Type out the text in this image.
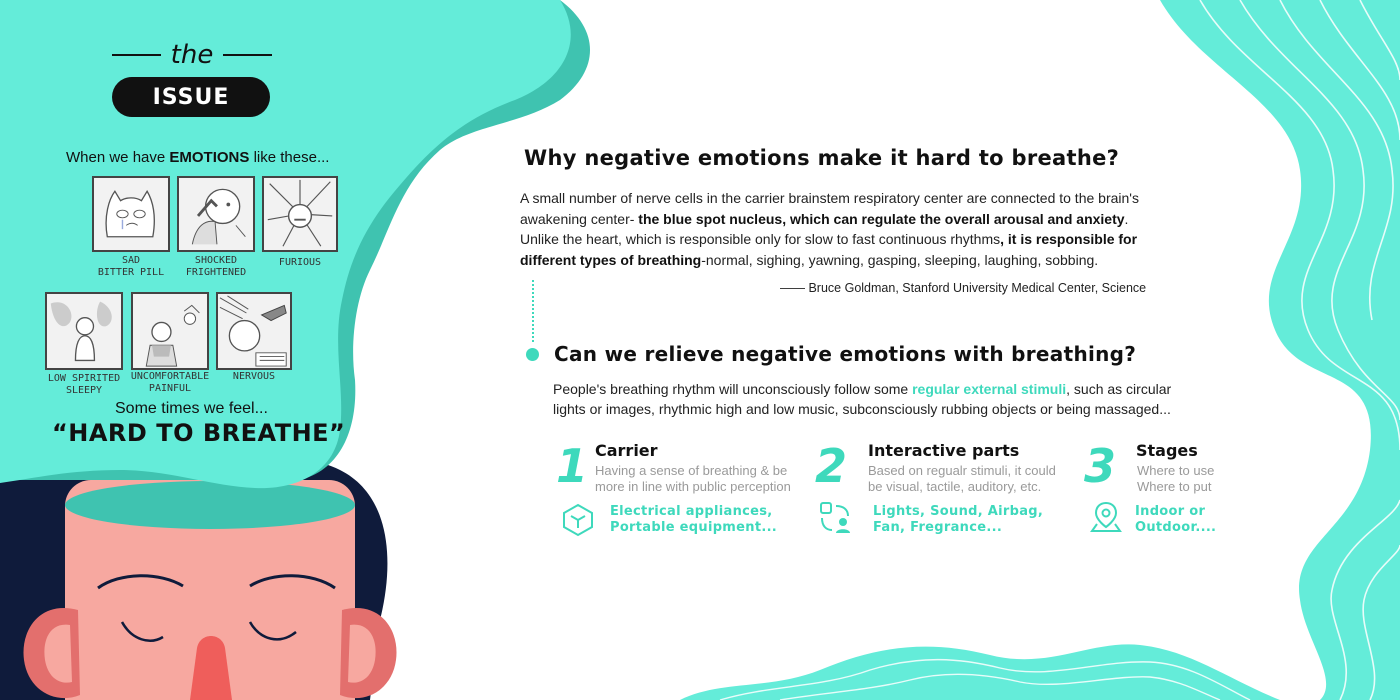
the
ISSUE
When we have EMOTIONS like these...
SAD
BITTER PILL
SHOCKED
FRIGHTENED
FURIOUS
LOW SPIRITED
SLEEPY
UNCOMFORTABLE
PAINFUL
NERVOUS
Some times we feel...
“HARD TO BREATHE”
Why negative emotions make it hard to breathe?
A small number of nerve cells in the carrier brainstem respiratory center are connected to the brain's awakening center- the blue spot nucleus, which can regulate the overall arousal and anxiety. Unlike the heart, which is responsible only for slow to fast continuous rhythms, it is responsible for different types of breathing-normal, sighing, yawning, gasping, sleeping, laughing, sobbing.
—— Bruce Goldman, Stanford University Medical Center, Science
Can we relieve negative emotions with breathing?
People's breathing rhythm will unconsciously follow some regular external stimuli, such as circular lights or images, rhythmic high and low music, subconsciously rubbing objects or being massaged...
1 Carrier
Having a sense of breathing & be
more in line with public perception
Electrical appliances,
Portable equipment...
2 Interactive parts
Based on regualr stimuli, it could
be visual, tactile, auditory, etc.
Lights, Sound, Airbag,
Fan, Fregrance...
3 Stages
Where to use
Where to put
Indoor or
Outdoor....
